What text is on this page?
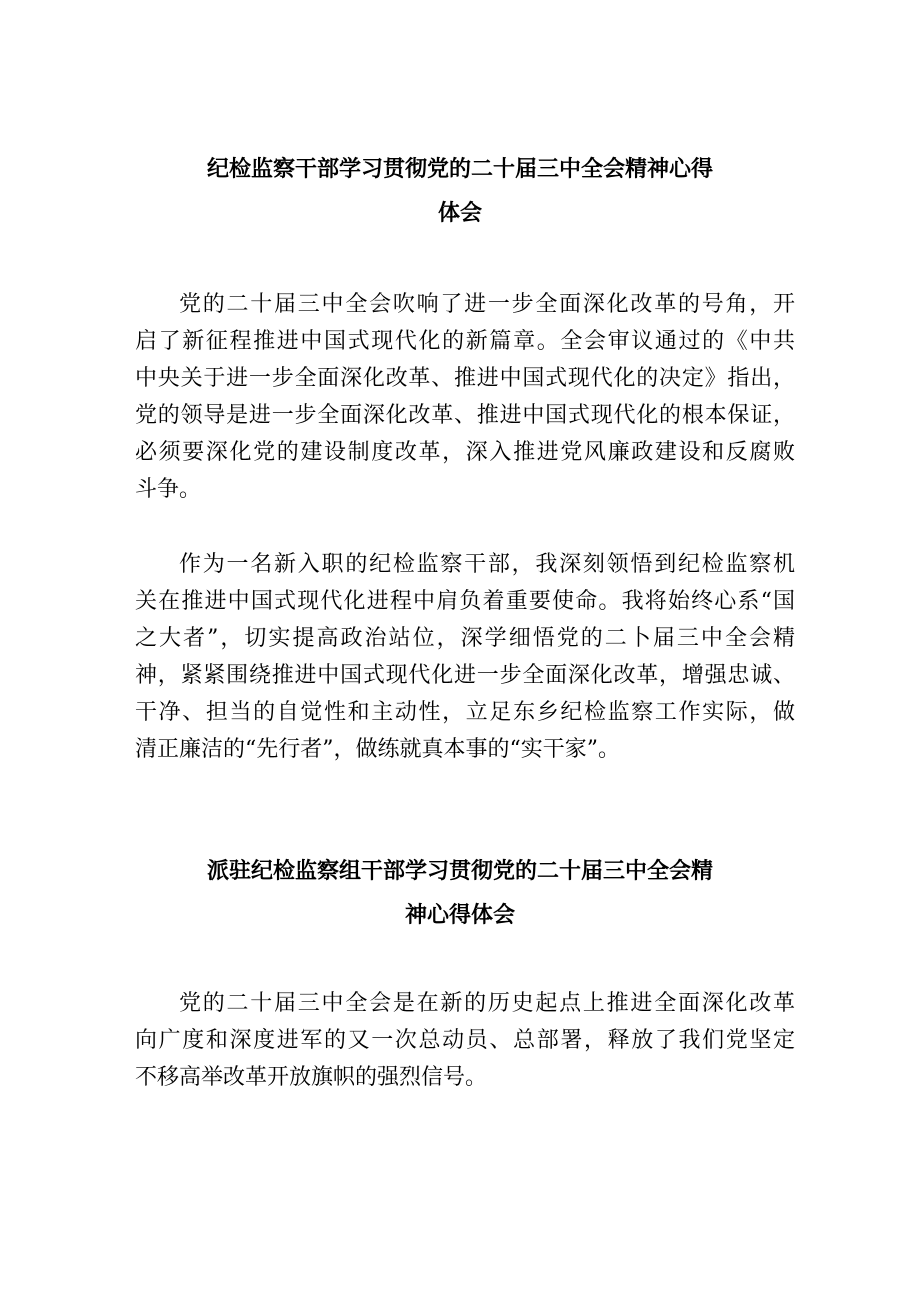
纪检监察干部学习贯彻党的二十届三中全会精神心得
体会

党的二十届三中全会吹响了进一步全面深化改革的号角，开
启了新征程推进中国式现代化的新篇章。全会审议通过的《中共
中央关于进一步全面深化改革、推进中国式现代化的决定》指出，
党的领导是进一步全面深化改革、推进中国式现代化的根本保证，
必须要深化党的建设制度改革，深入推进党风廉政建设和反腐败
斗争。

作为一名新入职的纪检监察干部，我深刻领悟到纪检监察机
关在推进中国式现代化进程中肩负着重要使命。我将始终心系“国
之大者”，切实提高政治站位，深学细悟党的二卜届三中全会精
神，紧紧围绕推进中国式现代化进一步全面深化改革，增强忠诚、
干净、担当的自觉性和主动性，立足东乡纪检监察工作实际，做
清正廉洁的“先行者”，做练就真本事的“实干家”。

派驻纪检监察组干部学习贯彻党的二十届三中全会精
神心得体会

党的二十届三中全会是在新的历史起点上推进全面深化改革
向广度和深度进军的又一次总动员、总部署，释放了我们党坚定
不移高举改革开放旗帜的强烈信号。
